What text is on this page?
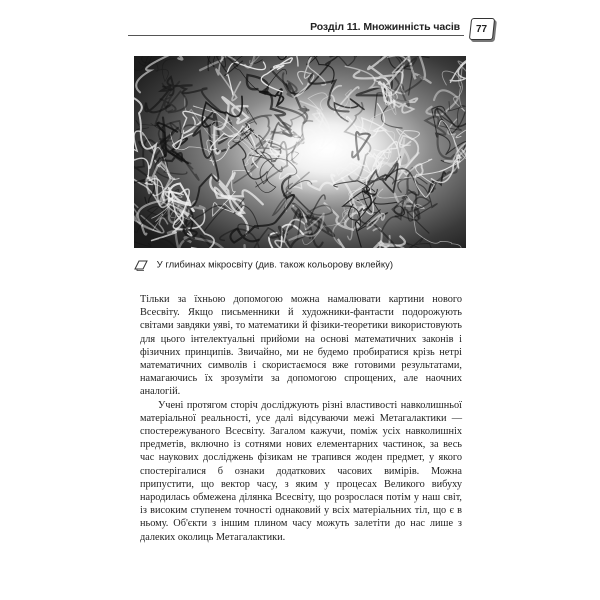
Розділ 11. Множинність часів 77
У глибинах мікросвіту (див. також кольорову вклейку)

Тільки за їхньою допомогою можна намалювати картини нового Всесвіту. Якщо письменники й художники-фантасти подорожують світами завдяки уяві, то математики й фізики-теоретики використовують для цього інтелектуальні прийоми на основі математичних законів і фізичних принципів. Звичайно, ми не будемо пробиратися крізь нетрі математичних символів і скористаємося вже готовими результатами, намагаючись їх зрозуміти за допомогою спрощених, але наочних аналогій.

Учені протягом сторіч досліджують різні властивості навколишньої матеріальної реальності, усе далі відсуваючи межі Метагалактики — спостережуваного Всесвіту. Загалом кажучи, поміж усіх навколишніх предметів, включно із сотнями нових елементарних частинок, за весь час наукових досліджень фізикам не трапився жоден предмет, у якого спостерігалися б ознаки додаткових часових вимірів. Можна припустити, що вектор часу, з яким у процесах Великого вибуху народилась обмежена ділянка Всесвіту, що розрослася потім у наш світ, із високим ступенем точності однаковий у всіх матеріальних тіл, що є в ньому. Об'єкти з іншим плином часу можуть залетіти до нас лише з далеких околиць Метагалактики.
